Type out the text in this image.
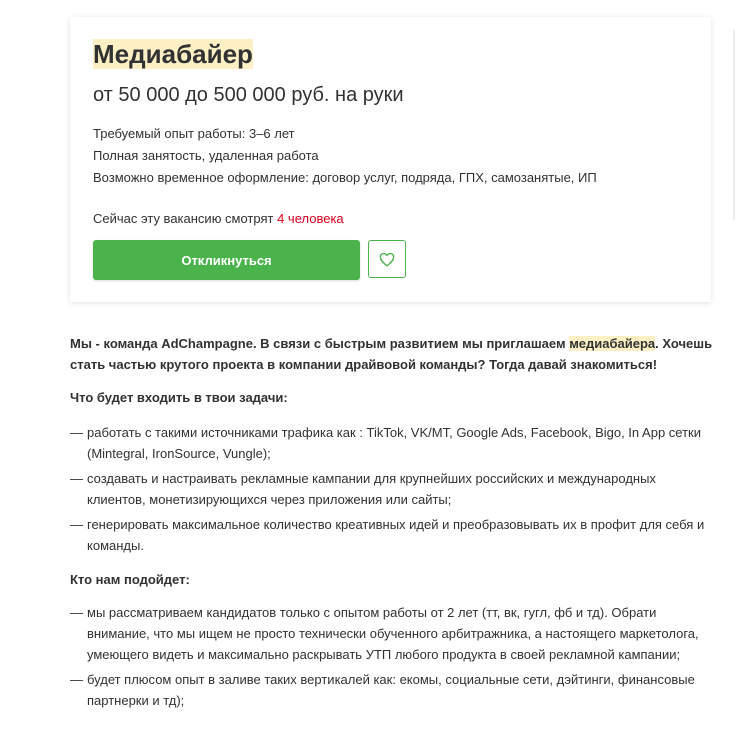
Медиабайер
от 50 000 до 500 000 руб. на руки
Требуемый опыт работы: 3–6 лет
Полная занятость, удаленная работа
Возможно временное оформление: договор услуг, подряда, ГПХ, самозанятые, ИП
Сейчас эту вакансию смотрят 4 человека
Откликнуться

Мы - команда AdChampagne. В связи с быстрым развитием мы приглашаем медиабайера. Хочешь стать частью крутого проекта в компании драйвовой команды? Тогда давай знакомиться!

Что будет входить в твои задачи:

— работать с такими источниками трафика как : TikTok, VK/MT, Google Ads, Facebook, Bigo, In App сетки (Mintegral, IronSource, Vungle);
— создавать и настраивать рекламные кампании для крупнейших российских и международных клиентов, монетизирующихся через приложения или сайты;
— генерировать максимальное количество креативных идей и преобразовывать их в профит для себя и команды.

Кто нам подойдет:

— мы рассматриваем кандидатов только с опытом работы от 2 лет (тт, вк, гугл, фб и тд). Обрати внимание, что мы ищем не просто технически обученного арбитражника, а настоящего маркетолога, умеющего видеть и максимально раскрывать УТП любого продукта в своей рекламной кампании;
— будет плюсом опыт в заливе таких вертикалей как: екомы, социальные сети, дэйтинги, финансовые партнерки и тд);
